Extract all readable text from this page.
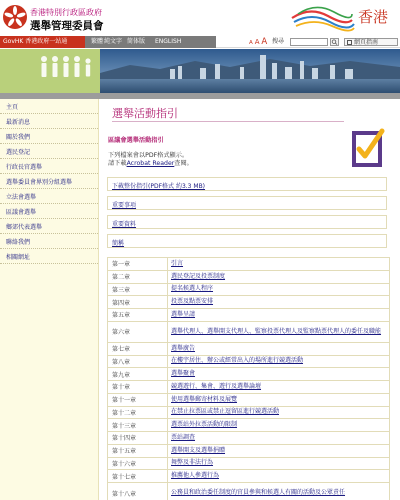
香港特別行政區政府
選舉管理委員會	香港
GovHK 香港政府一站通	繁體 純文字 简体版 ENGLISH	A A A 搜尋	網頁指南
主頁
最新消息
關於我們
選民登記
行政長官選舉
選舉委員會界別分組選舉
立法會選舉
區議會選舉
鄉郊代表選舉
聯絡我們
相關網址
選舉活動指引
區議會選舉活動指引
下列檔案會以PDF格式顯示。
請下載Acrobat Reader查閱。
下載整份指引(PDF格式 約3.3 MB)
重要事項
重要資料
簡稱
第一章	引言
第二章	選民登記及投票制度
第三章	提名候選人程序
第四章	投票及點票安排
第五章	選舉呈請
第六章	選舉代理人、選舉開支代理人、監察投票代理人及監察點票代理人的委任及職能
第七章	選舉廣告
第八章	在樓宇居住、辦公或經常出入的場所進行競選活動
第九章	選舉聚會
第十章	競選遊行、集會、遊行及選舉論壇
第十一章	使用選舉郵寄材料及展覽
第十二章	在禁止拉票區或禁止逗留區進行競選活動
第十三章	選票站外拉票活動的限制
第十四章	票站調查
第十五章	選舉開支及選舉捐贈
第十六章	舞弊及非法行為
第十七章	推薦他人參選行為
第十八章	公務員和政治委任制度的官員參與和候選人有關的活動及公眾責任
